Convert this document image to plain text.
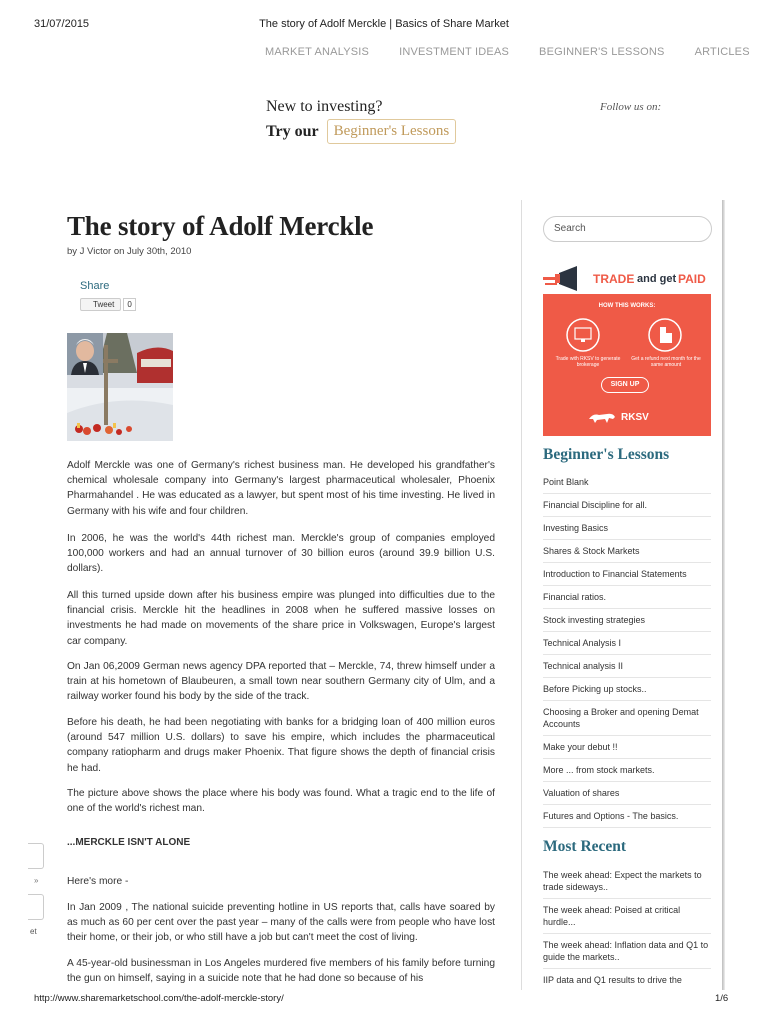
31/07/2015	The story of Adolf Merckle | Basics of Share Market
MARKET ANALYSIS	INVESTMENT IDEAS	BEGINNER'S LESSONS	ARTICLES
New to investing?
Try our	Beginner's Lessons
Follow us on:
The story of Adolf Merckle
by J Victor on July 30th, 2010
Share
Tweet	0

Adolf Merckle was one of Germany's richest business man. He developed his grandfather's chemical wholesale company into Germany's largest pharmaceutical wholesaler, Phoenix Pharmahandel . He was educated as a lawyer, but spent most of his time investing. He lived in Germany with his wife and four children.

In 2006, he was the world's 44th richest man. Merckle's group of companies employed 100,000 workers and had an annual turnover of 30 billion euros (around 39.9 billion U.S. dollars).

All this turned upside down after his business empire was plunged into difficulties due to the financial crisis. Merckle hit the headlines in 2008 when he suffered massive losses on investments he had made on movements of the share price in Volkswagen, Europe's largest car company.

On Jan 06,2009 German news agency DPA reported that – Merckle, 74, threw himself under a train at his hometown of Blaubeuren, a small town near southern Germany city of Ulm, and a railway worker found his body by the side of the track.

Before his death, he had been negotiating with banks for a bridging loan of 400 million euros (around 547 million U.S. dollars) to save his empire, which includes the pharmaceutical company ratiopharm and drugs maker Phoenix. That figure shows the depth of financial crisis he had.

The picture above shows the place where his body was found. What a tragic end to the life of one of the world's richest man.

...MERCKLE ISN'T ALONE
Here's more -

In Jan 2009 , The national suicide preventing hotline in US reports that, calls have soared by as much as 60 per cent over the past year – many of the calls were from people who have lost their home, or their job, or who still have a job but can't meet the cost of living.

A 45-year-old businessman in Los Angeles murdered five members of his family before turning the gun on himself, saying in a suicide note that he had done so because of his

»
et
Search
TRADE and get PAID
HOW THIS WORKS:
Trade with RKSV to generate brokerage
Get a refund next month for the same amount
SIGN UP
RKSV
Beginner's Lessons
Point Blank
Financial Discipline for all.
Investing Basics
Shares & Stock Markets
Introduction to Financial Statements
Financial ratios.
Stock investing strategies
Technical Analysis I
Technical analysis II
Before Picking up stocks..
Choosing a Broker and opening Demat Accounts
Make your debut !!
More ... from stock markets.
Valuation of shares
Futures and Options - The basics.
Most Recent
The week ahead: Expect the markets to trade sideways..
The week ahead: Poised at critical hurdle...
The week ahead: Inflation data and Q1 to guide the markets..
IIP data and Q1 results to drive the
http://www.sharemarketschool.com/the-adolf-merckle-story/	1/6
